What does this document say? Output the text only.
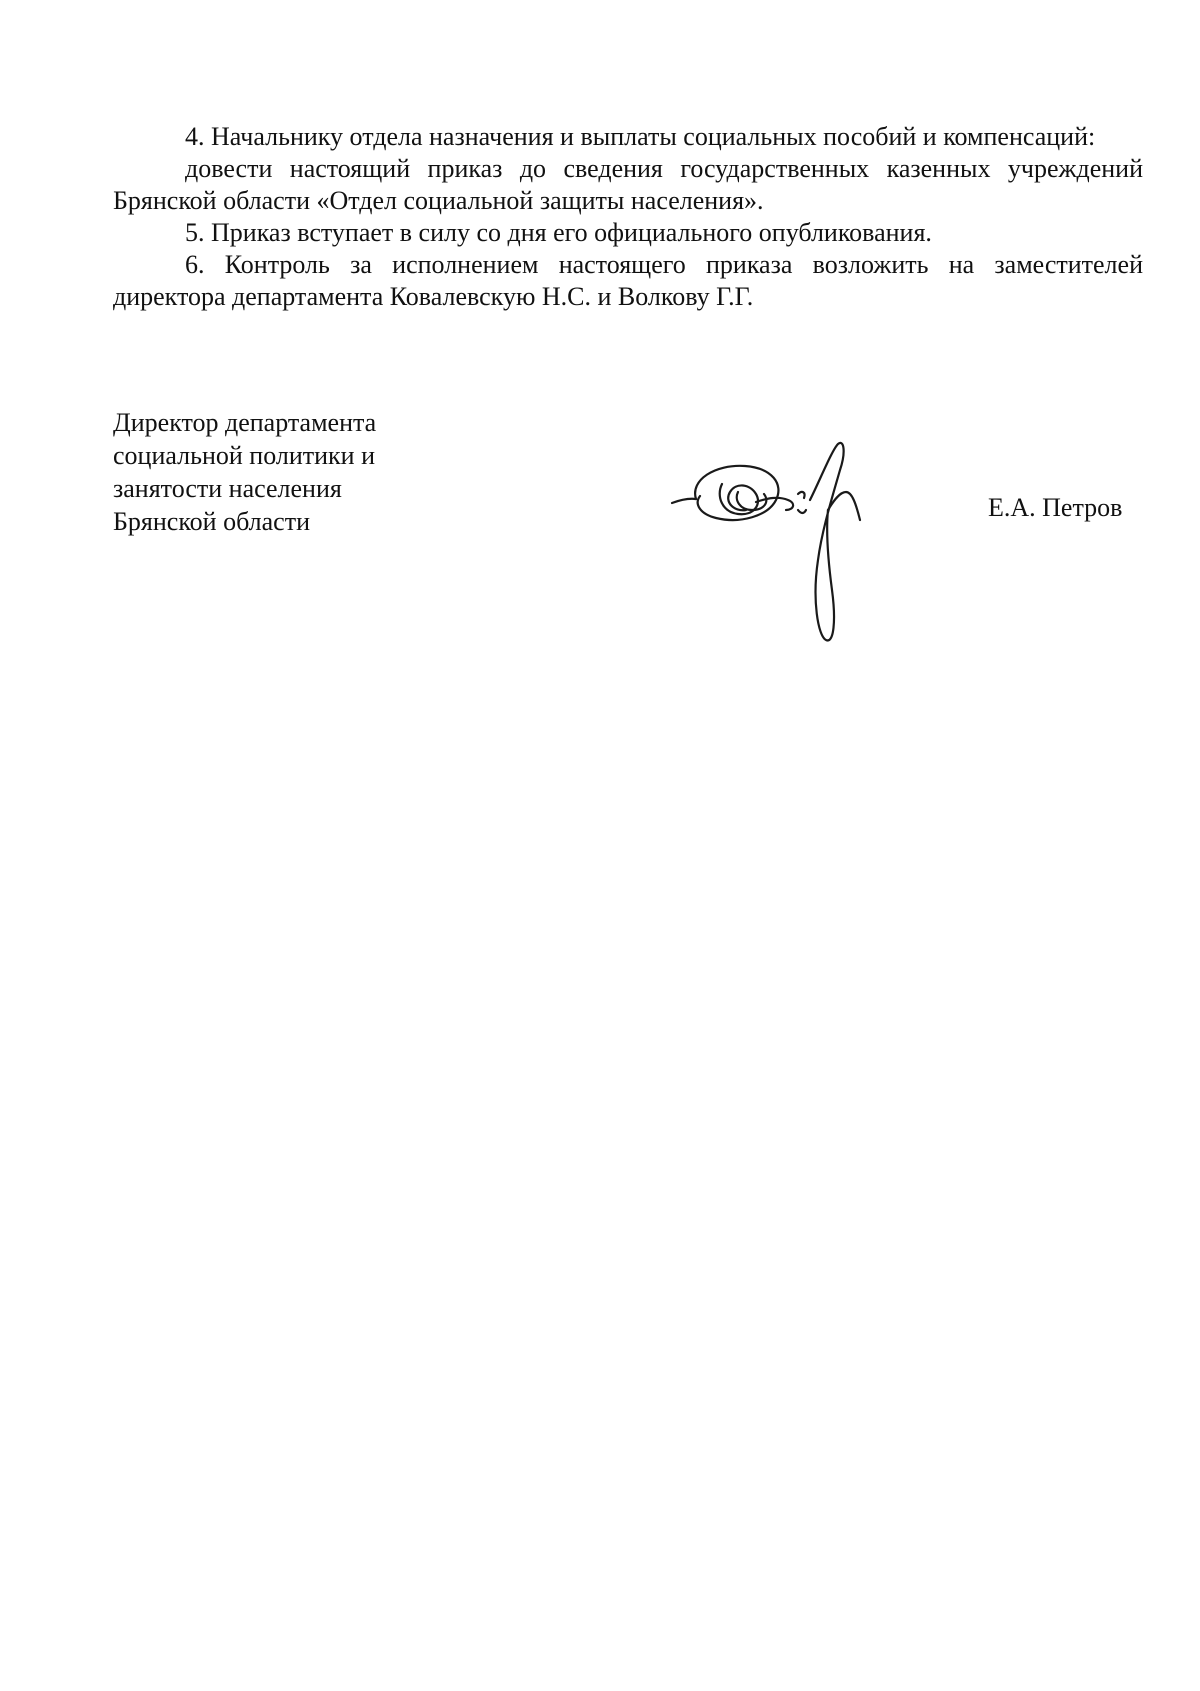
4. Начальнику отдела назначения и выплаты социальных пособий и компенсаций:

довести настоящий приказ до сведения государственных казенных учреждений Брянской области «Отдел социальной защиты населения».

5. Приказ вступает в силу со дня его официального опубликования.

6. Контроль за исполнением настоящего приказа возложить на заместителей директора департамента Ковалевскую Н.С. и Волкову Г.Г.

Директор департамента
социальной политики и
занятости населения
Брянской области	Е.А. Петров
